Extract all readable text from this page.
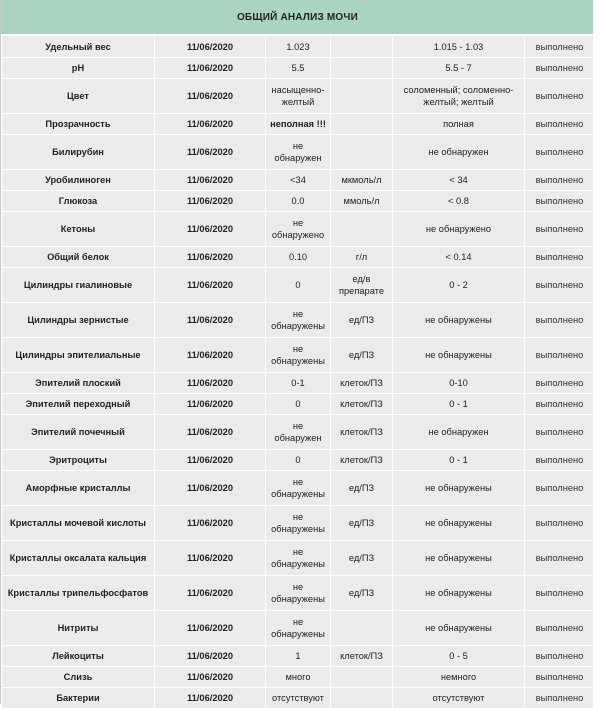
ОБЩИЙ АНАЛИЗ МОЧИ
Удельный вес	11/06/2020	1.023		1.015 - 1.03	выполнено
pH	11/06/2020	5.5		5.5 - 7	выполнено
Цвет	11/06/2020	насыщенно-желтый		соломенный; соломенно-желтый; желтый	выполнено
Прозрачность	11/06/2020	неполная !!!		полная	выполнено
Билирубин	11/06/2020	не обнаружен		не обнаружен	выполнено
Уробилиноген	11/06/2020	<34	мкмоль/л	< 34	выполнено
Глюкоза	11/06/2020	0.0	ммоль/л	< 0.8	выполнено
Кетоны	11/06/2020	не обнаружено		не обнаружено	выполнено
Общий белок	11/06/2020	0.10	г/л	< 0.14	выполнено
Цилиндры гиалиновые	11/06/2020	0	ед/в препарате	0 - 2	выполнено
Цилиндры зернистые	11/06/2020	не обнаружены	ед/ПЗ	не обнаружены	выполнено
Цилиндры эпителиальные	11/06/2020	не обнаружены	ед/ПЗ	не обнаружены	выполнено
Эпителий плоский	11/06/2020	0-1	клеток/ПЗ	0-10	выполнено
Эпителий переходный	11/06/2020	0	клеток/ПЗ	0 - 1	выполнено
Эпителий почечный	11/06/2020	не обнаружен	клеток/ПЗ	не обнаружен	выполнено
Эритроциты	11/06/2020	0	клеток/ПЗ	0 - 1	выполнено
Аморфные кристаллы	11/06/2020	не обнаружены	ед/ПЗ	не обнаружены	выполнено
Кристаллы мочевой кислоты	11/06/2020	не обнаружены	ед/ПЗ	не обнаружены	выполнено
Кристаллы оксалата кальция	11/06/2020	не обнаружены	ед/ПЗ	не обнаружены	выполнено
Кристаллы трипельфосфатов	11/06/2020	не обнаружены	ед/ПЗ	не обнаружены	выполнено
Нитриты	11/06/2020	не обнаружены		не обнаружены	выполнено
Лейкоциты	11/06/2020	1	клеток/ПЗ	0 - 5	выполнено
Слизь	11/06/2020	много		немного	выполнено
Бактерии	11/06/2020	отсутствуют		отсутствуют	выполнено
